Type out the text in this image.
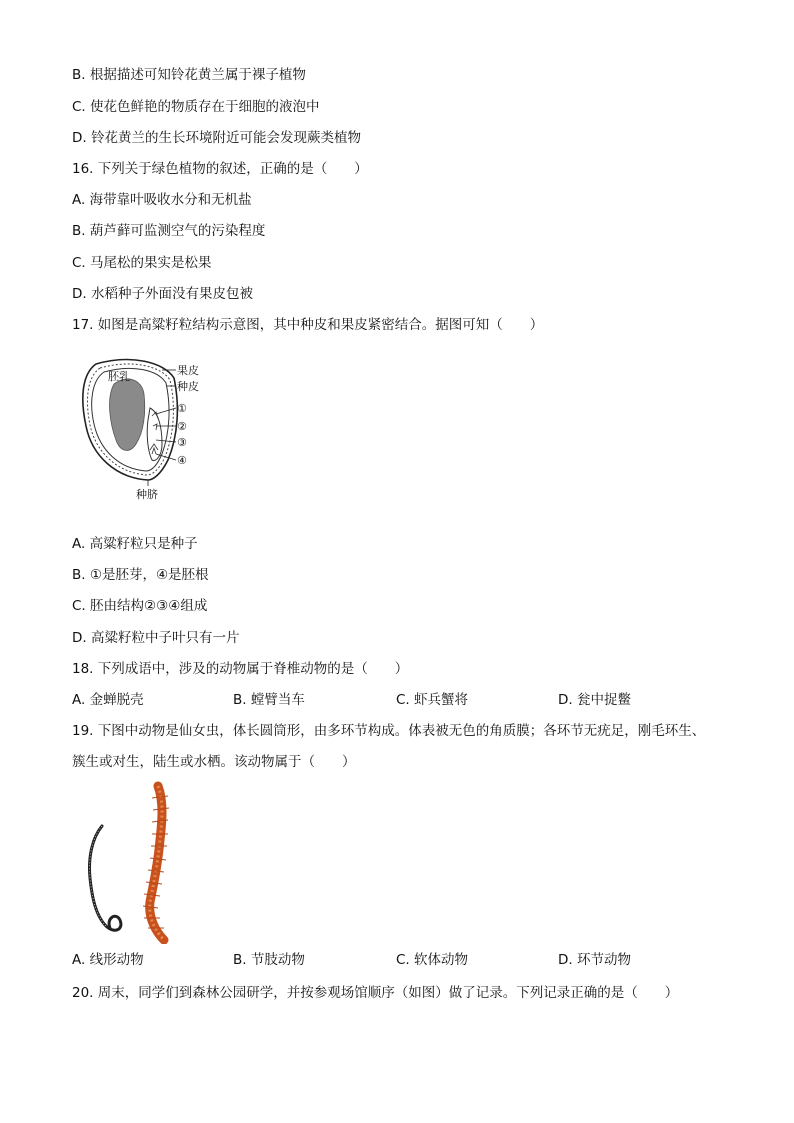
B. 根据描述可知铃花黄兰属于裸子植物
C. 使花色鲜艳的物质存在于细胞的液泡中
D. 铃花黄兰的生长环境附近可能会发现蕨类植物
16. 下列关于绿色植物的叙述，正确的是（　　）
A. 海带靠叶吸收水分和无机盐
B. 葫芦藓可监测空气的污染程度
C. 马尾松的果实是松果
D. 水稻种子外面没有果皮包被
17. 如图是高粱籽粒结构示意图，其中种皮和果皮紧密结合。据图可知（　　）
胚乳	果皮
种皮
①
②
③
④
种脐
A. 高粱籽粒只是种子
B. ①是胚芽，④是胚根
C. 胚由结构②③④组成
D. 高粱籽粒中子叶只有一片
18. 下列成语中，涉及的动物属于脊椎动物的是（　　）
A. 金蝉脱壳	B. 螳臂当车	C. 虾兵蟹将	D. 瓮中捉鳖
19. 下图中动物是仙女虫，体长圆筒形，由多环节构成。体表被无色的角质膜；各环节无疣足，刚毛环生、
簇生或对生，陆生或水栖。该动物属于（　　）
A. 线形动物	B. 节肢动物	C. 软体动物	D. 环节动物
20. 周末，同学们到森林公园研学，并按参观场馆顺序（如图）做了记录。下列记录正确的是（　　）
